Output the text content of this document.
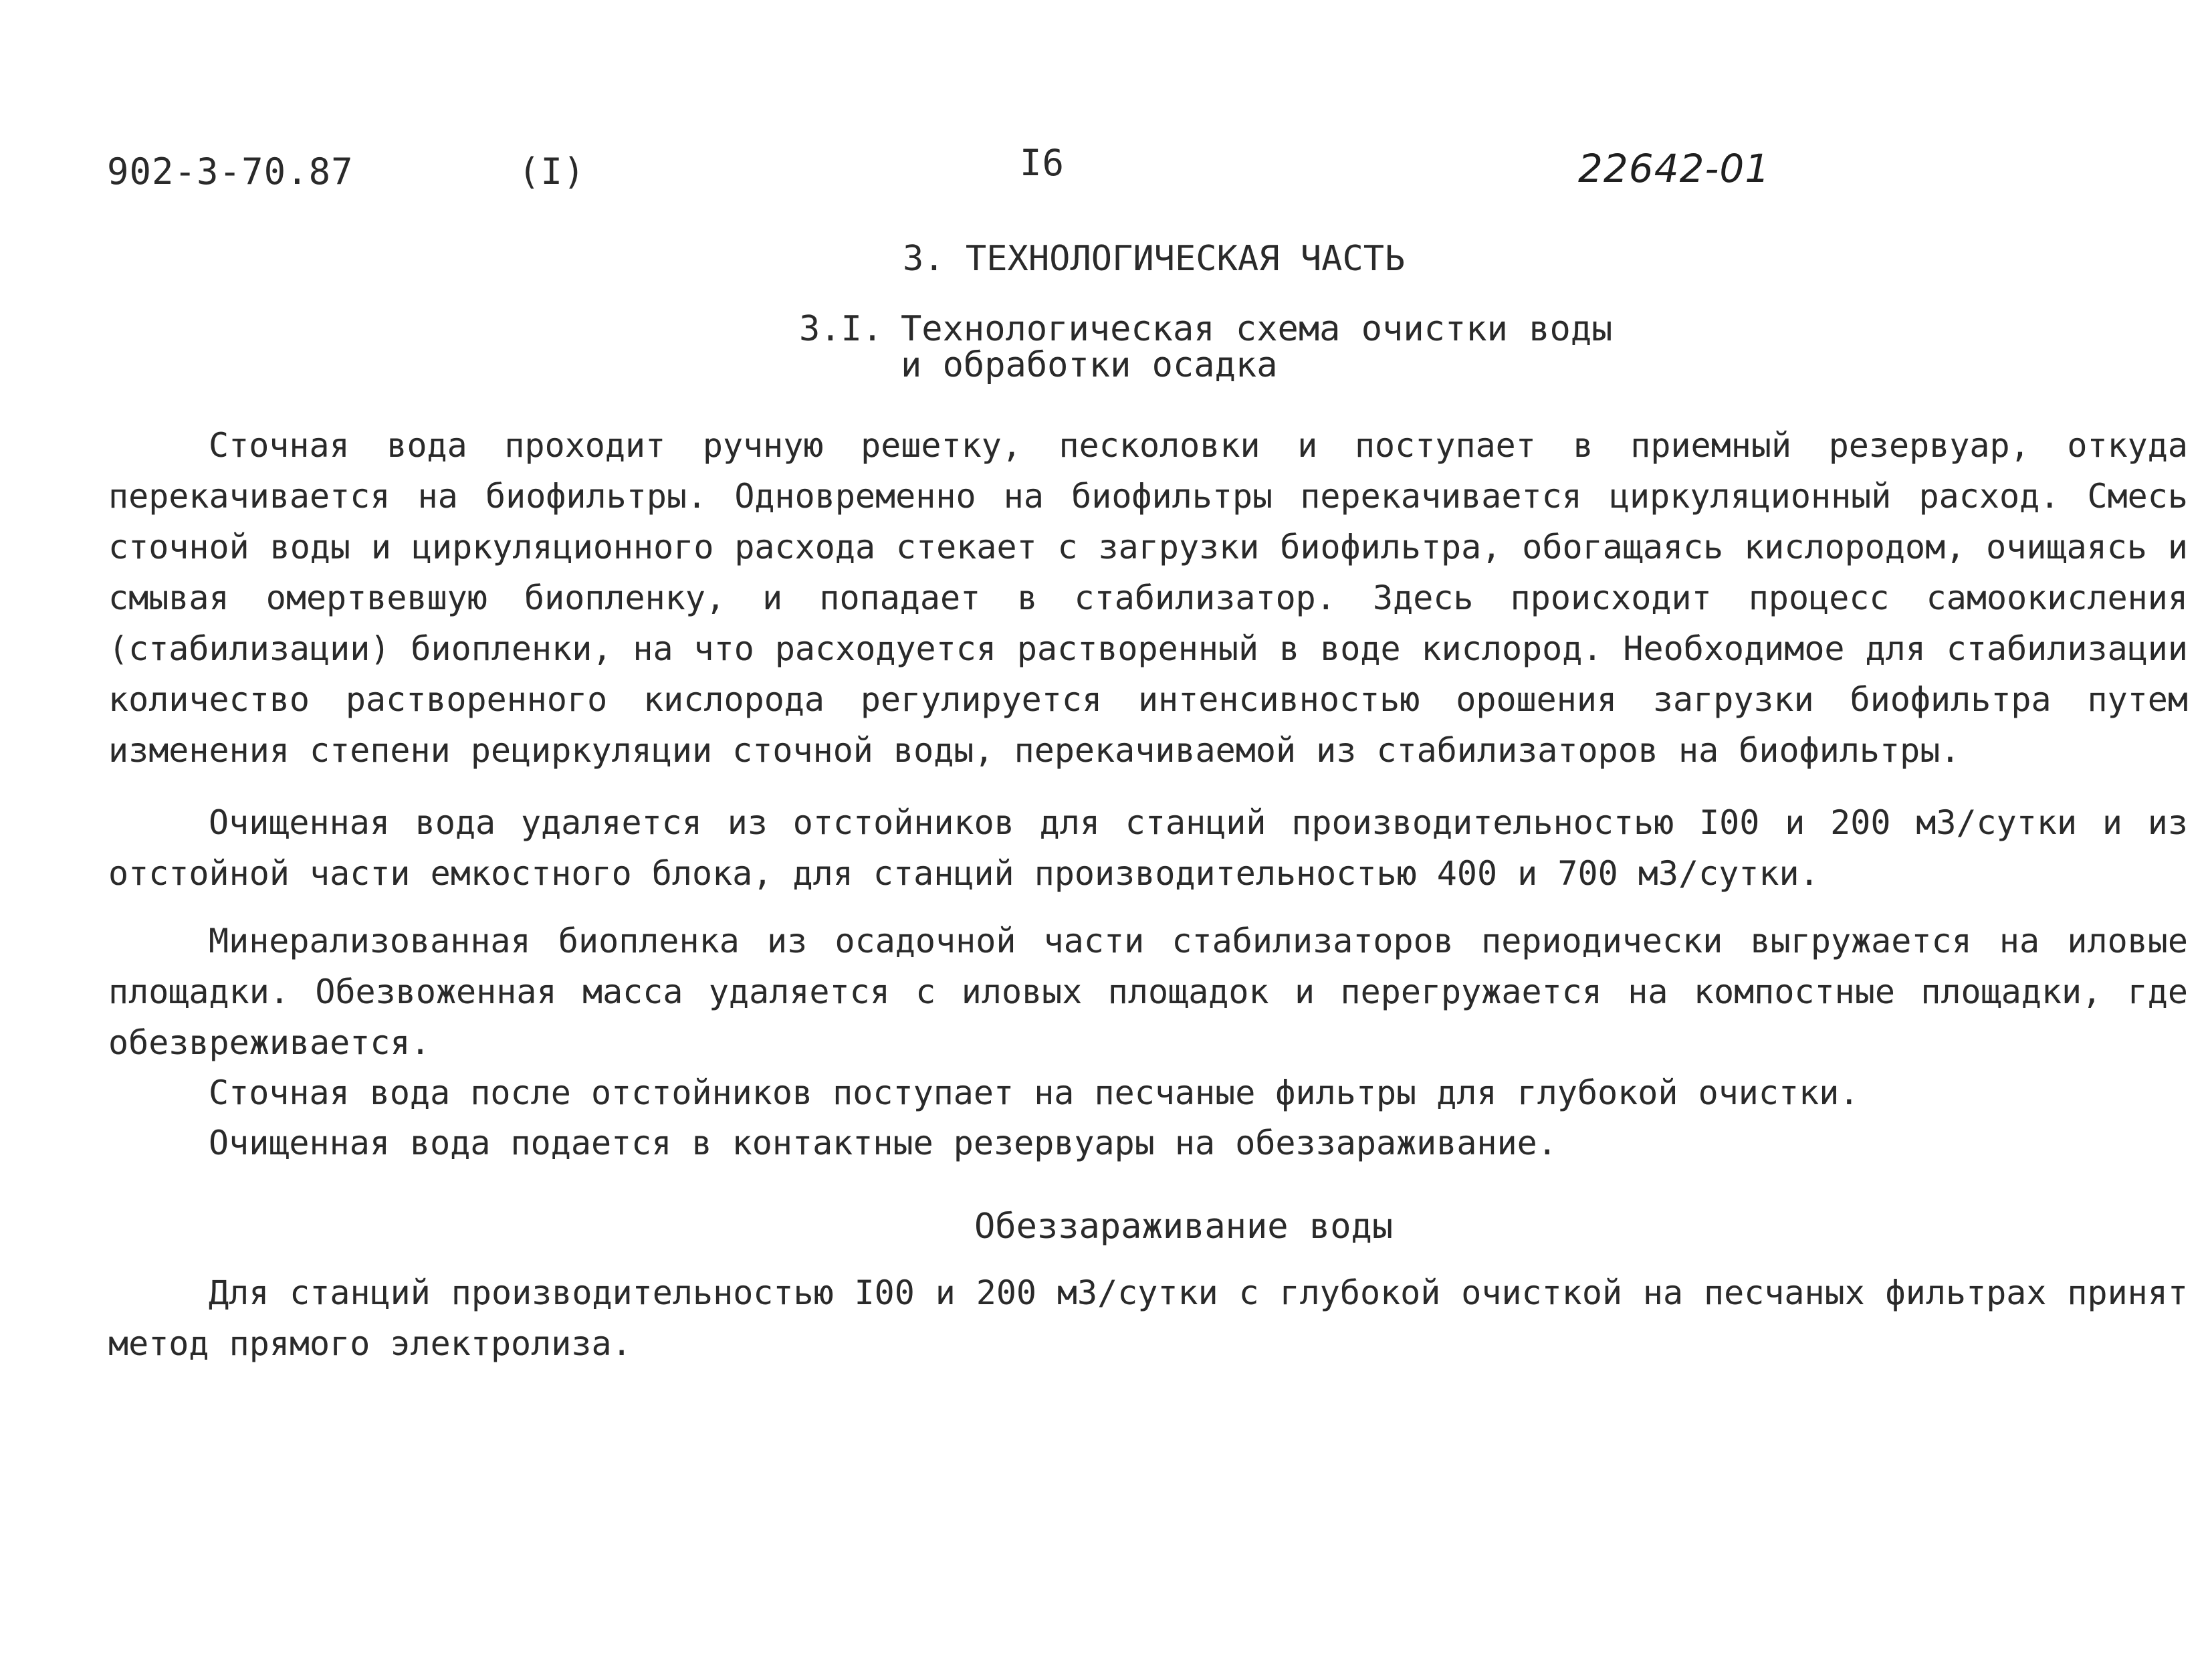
902-3-70.87	(I)	I6	22642-01
3. ТЕХНОЛОГИЧЕСКАЯ ЧАСТЬ
3.I. Технологическая схема очистки воды
и обработки осадка

Сточная вода проходит ручную решетку, песколовки и поступает в приемный резервуар, откуда перекачивается на биофильтры. Одновременно на биофильтры перекачивается циркуляционный расход. Смесь сточной воды и циркуляционного расхода стекает с загрузки биофильтра, обогащаясь кислородом, очищаясь и смывая омертвевшую биопленку, и попадает в стабилизатор. Здесь происходит процесс самоокисления (стабилизации) биопленки, на что расходуется растворенный в воде кислород. Необходимое для стабилизации количество растворенного кислорода регулируется интенсивностью орошения загрузки биофильтра путем изменения степени рециркуляции сточной воды, перекачиваемой из стабилизаторов на биофильтры.

Очищенная вода удаляется из отстойников для станций производительностью I00 и 200 м3/сутки и из отстойной части емкостного блока, для станций производительностью 400 и 700 м3/сутки.

Минерализованная биопленка из осадочной части стабилизаторов периодически выгружается на иловые площадки. Обезвоженная масса удаляется с иловых площадок и перегружается на компостные площадки, где обезвреживается.

Сточная вода после отстойников поступает на песчаные фильтры для глубокой очистки.

Очищенная вода подается в контактные резервуары на обеззараживание.

Обеззараживание воды

Для станций производительностью I00 и 200 м3/сутки с глубокой очисткой на песчаных фильтрах принят метод прямого электролиза.
